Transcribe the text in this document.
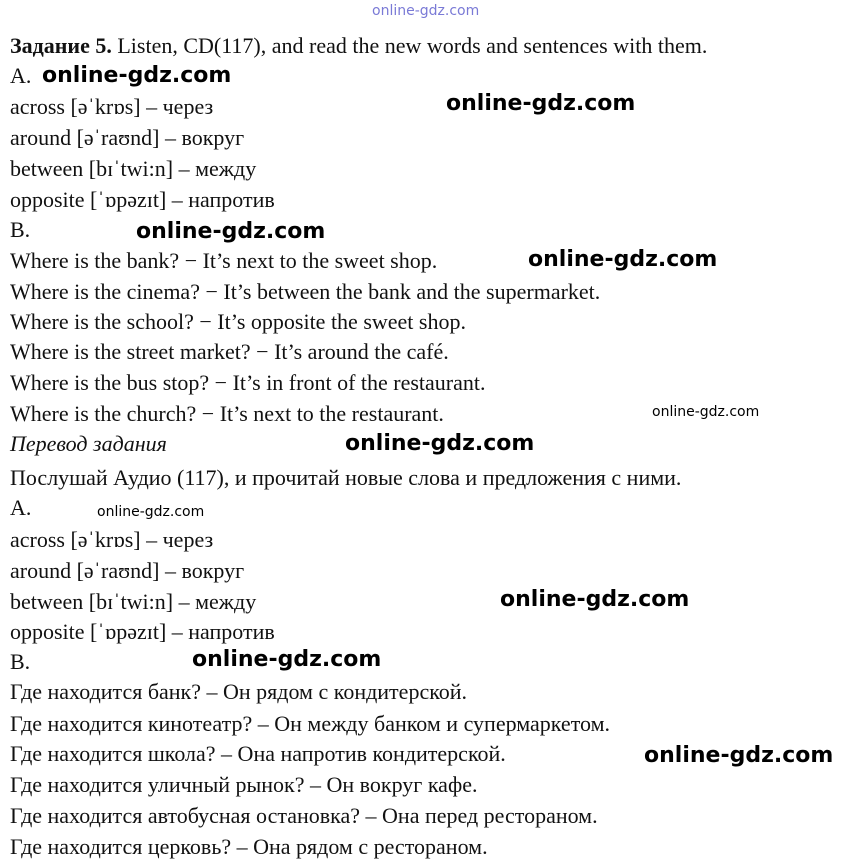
online-gdz.com

Задание 5. Listen, CD(117), and read the new words and sentences with them.

A.

across [əˈkrɒs] – через

around [əˈraʊnd] – вокруг

between [bɪˈtwi:n] – между

opposite [ˈɒpəzɪt] – напротив

B.

Where is the bank? − It’s next to the sweet shop.

Where is the cinema? − It’s between the bank and the supermarket.

Where is the school? − It’s opposite the sweet shop.

Where is the street market? − It’s around the café.

Where is the bus stop? − It’s in front of the restaurant.

Where is the church? − It’s next to the restaurant.

Перевод задания

Послушай Аудио (117), и прочитай новые слова и предложения с ними.

A.

across [əˈkrɒs] – через

around [əˈraʊnd] – вокруг

between [bɪˈtwi:n] – между

opposite [ˈɒpəzɪt] – напротив

B.

Где находится банк? – Он рядом с кондитерской.

Где находится кинотеатр? – Он между банком и супермаркетом.

Где находится школа? – Она напротив кондитерской.

Где находится уличный рынок? – Он вокруг кафе.

Где находится автобусная остановка? – Она перед рестораном.

Где находится церковь? – Она рядом с рестораном.

online-gdz.com
online-gdz.com
online-gdz.com
online-gdz.com
online-gdz.com
online-gdz.com
online-gdz.com
online-gdz.com
online-gdz.com
online-gdz.com
